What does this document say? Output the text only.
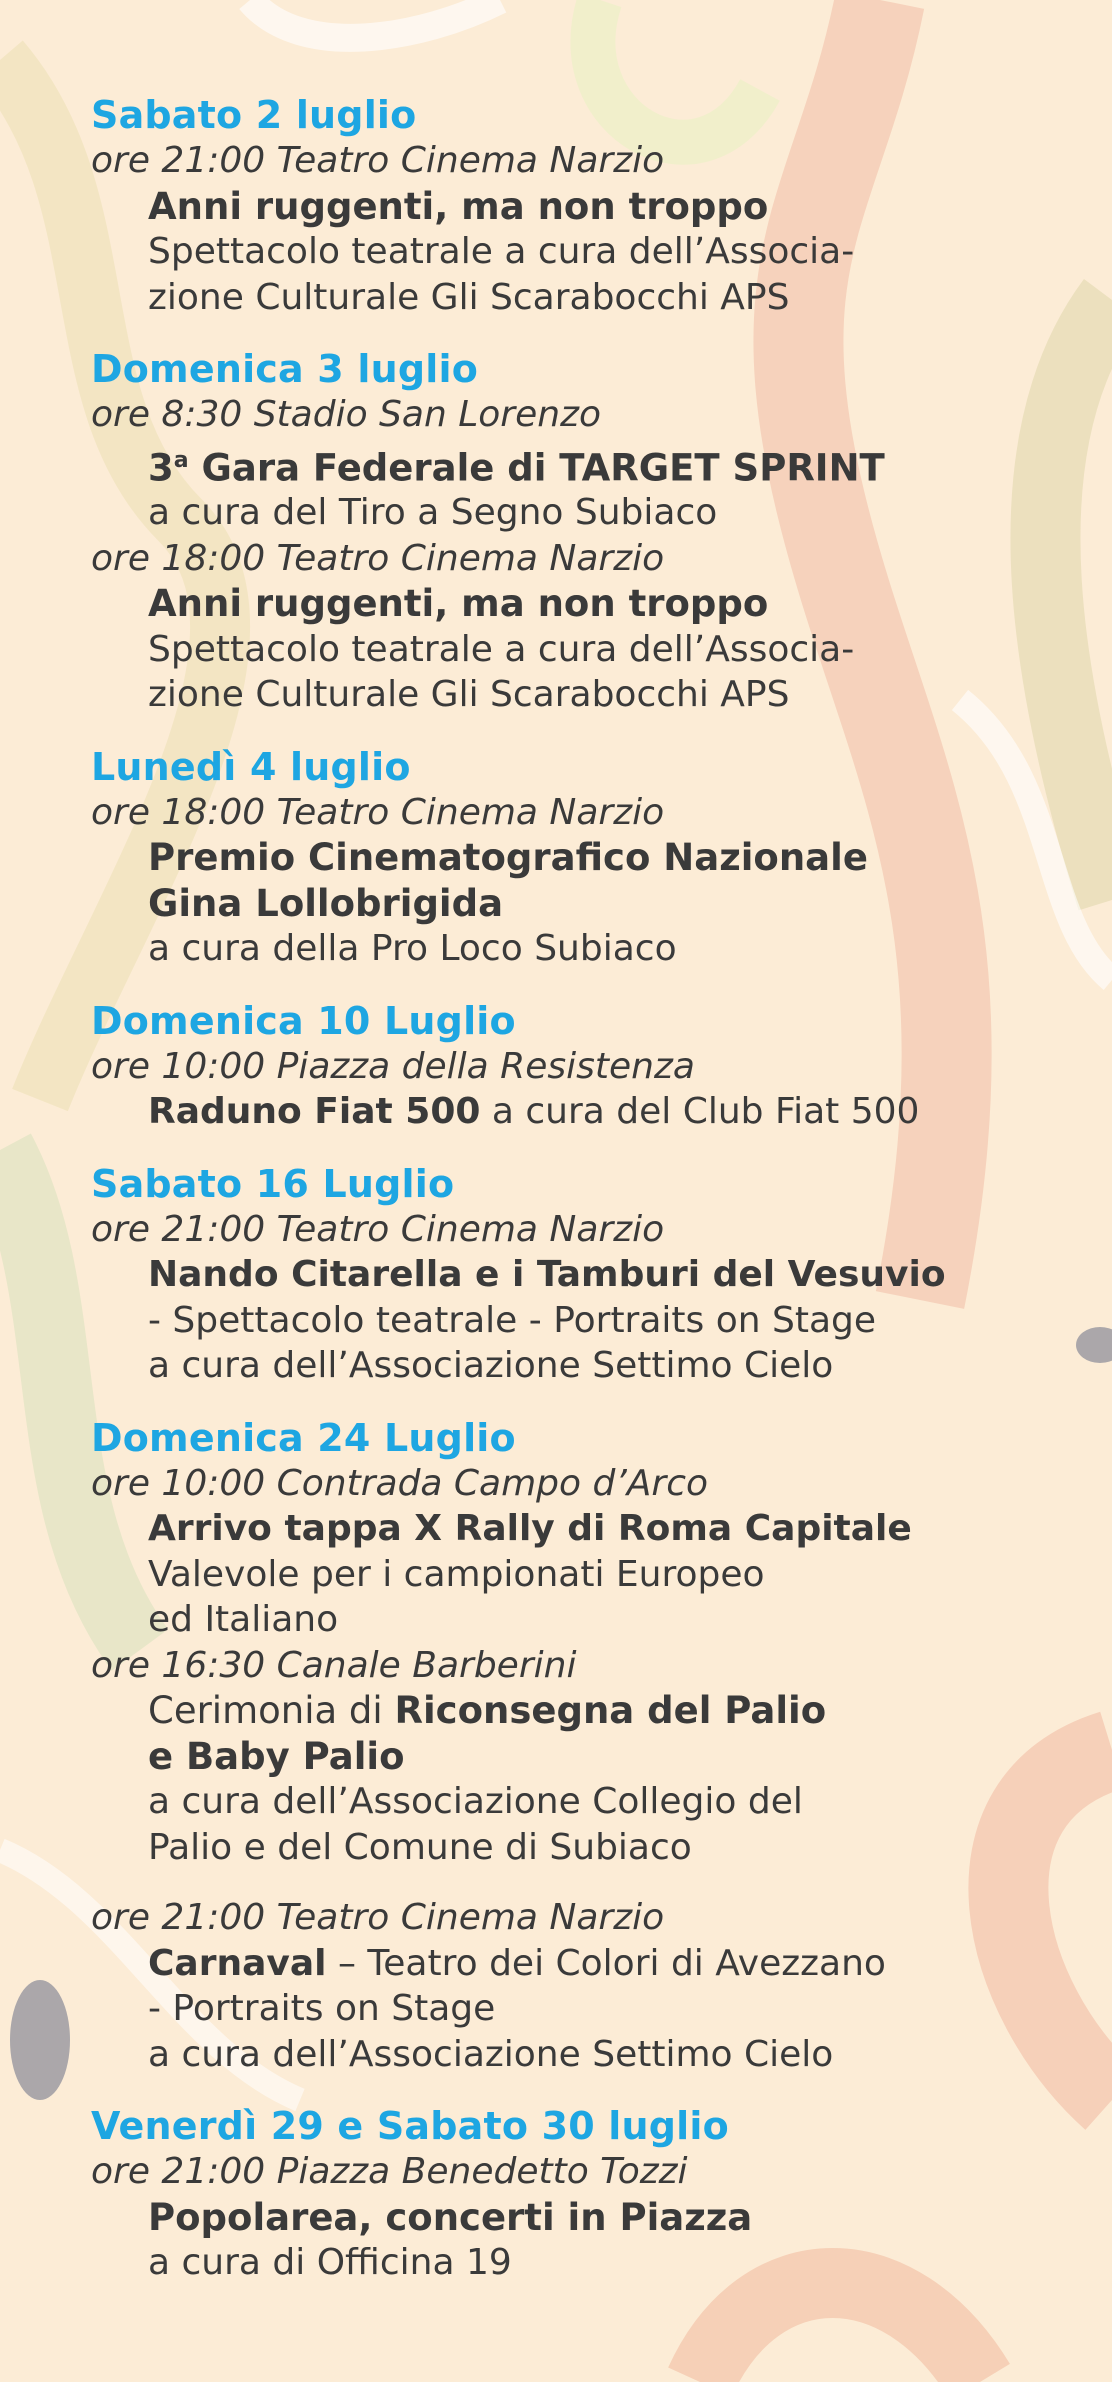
Sabato 2 luglio
ore 21:00 Teatro Cinema Narzio
Anni ruggenti, ma non troppo
Spettacolo teatrale a cura dell’Associa-
zione Culturale Gli Scarabocchi APS
Domenica 3 luglio
ore 8:30 Stadio San Lorenzo
3$^a$ Gara Federale di TARGET SPRINT
a cura del Tiro a Segno Subiaco
ore 18:00 Teatro Cinema Narzio
Anni ruggenti, ma non troppo
Spettacolo teatrale a cura dell’Associa-
zione Culturale Gli Scarabocchi APS
Lunedì 4 luglio
ore 18:00 Teatro Cinema Narzio
Premio Cinematografico Nazionale
Gina Lollobrigida
a cura della Pro Loco Subiaco
Domenica 10 Luglio
ore 10:00 Piazza della Resistenza
Raduno Fiat 500 a cura del Club Fiat 500
Sabato 16 Luglio
ore 21:00 Teatro Cinema Narzio
Nando Citarella e i Tamburi del Vesuvio
- Spettacolo teatrale - Portraits on Stage
a cura dell’Associazione Settimo Cielo
Domenica 24 Luglio
ore 10:00 Contrada Campo d’Arco
Arrivo tappa X Rally di Roma Capitale
Valevole per i campionati Europeo
ed Italiano
ore 16:30 Canale Barberini
Cerimonia di Riconsegna del Palio
e Baby Palio
a cura dell’Associazione Collegio del
Palio e del Comune di Subiaco
ore 21:00 Teatro Cinema Narzio
Carnaval – Teatro dei Colori di Avezzano
- Portraits on Stage
a cura dell’Associazione Settimo Cielo
Venerdì 29 e Sabato 30 luglio
ore 21:00 Piazza Benedetto Tozzi
Popolarea, concerti in Piazza
a cura di Officina 19
